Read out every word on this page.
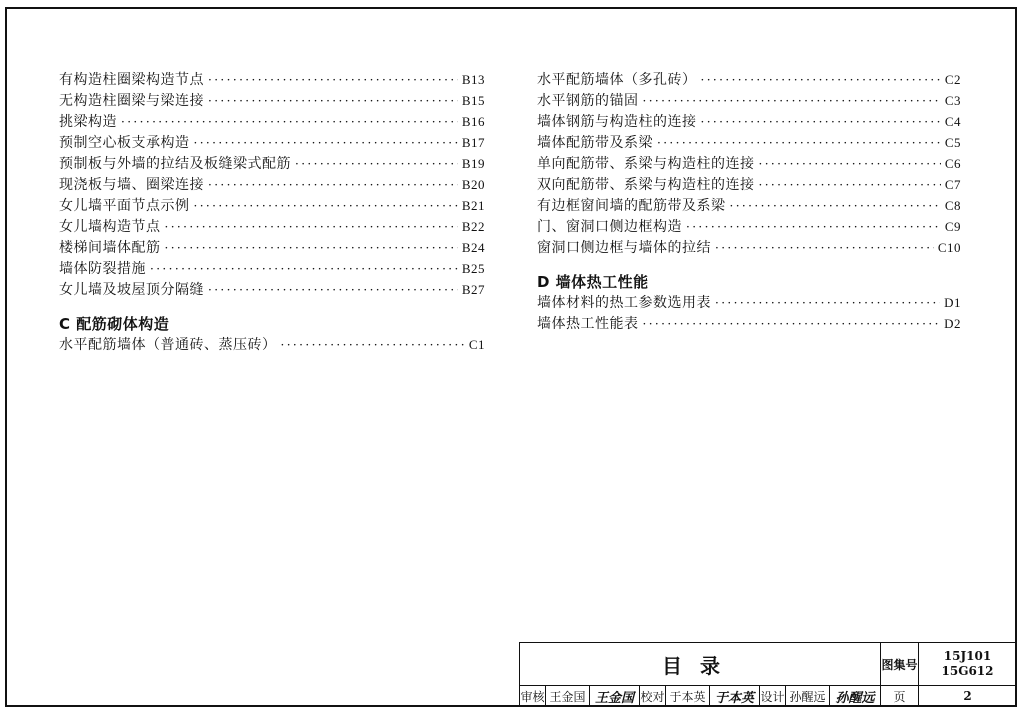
有构造柱圈梁构造节点 ·····	B13
无构造柱圈梁与梁连接 ·····	B15
挑梁构造 ·····	B16
预制空心板支承构造 ·····	B17
预制板与外墙的拉结及板缝梁式配筋 ·····	B19
现浇板与墙、圈梁连接 ·····	B20
女儿墙平面节点示例 ·····	B21
女儿墙构造节点 ·····	B22
楼梯间墙体配筋 ·····	B24
墙体防裂措施 ·····	B25
女儿墙及坡屋顶分隔缝 ·····	B27
C 配筋砌体构造
水平配筋墙体（普通砖、蒸压砖） ·····	C1
水平配筋墙体（多孔砖） ·····	C2
水平钢筋的锚固 ·····	C3
墙体钢筋与构造柱的连接 ·····	C4
墙体配筋带及系梁 ·····	C5
单向配筋带、系梁与构造柱的连接 ·····	C6
双向配筋带、系梁与构造柱的连接 ·····	C7
有边框窗间墙的配筋带及系梁 ·····	C8
门、窗洞口侧边框构造 ·····	C9
窗洞口侧边框与墙体的拉结 ·····	C10
D 墙体热工性能
墙体材料的热工参数选用表 ·····	D1
墙体热工性能表 ·····	D2
目录	图集号
15J101
15G612
审核 王金国 王金国 校对 于本英 于本英 设计 孙醒远 孙醒远 页	2
